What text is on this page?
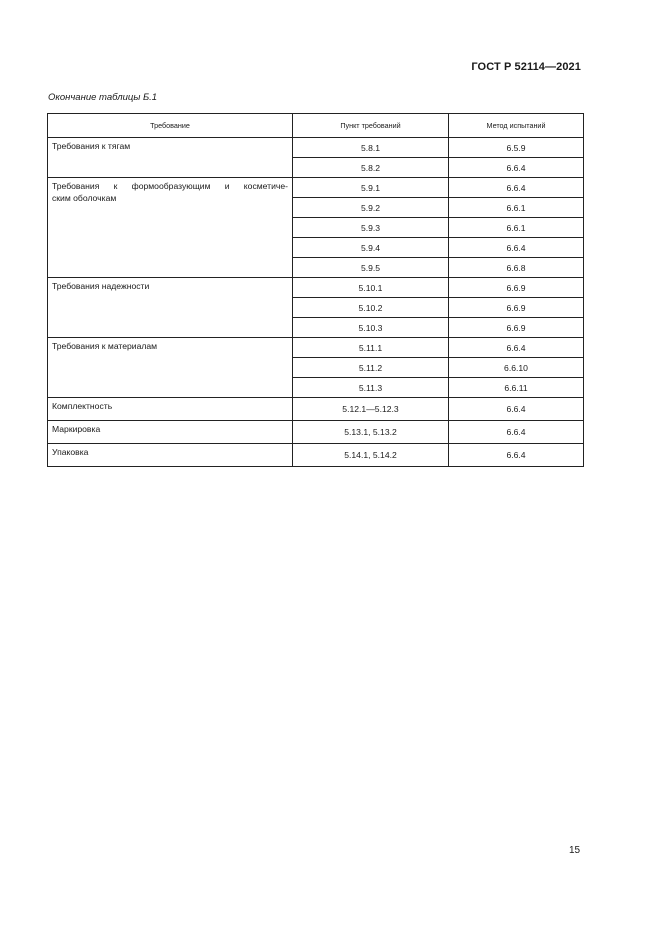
ГОСТ Р 52114—2021
Окончание таблицы Б.1
Требование	Пункт требований	Метод испытаний
Требования к тягам	5.8.1	6.5.9
	5.8.2	6.6.4
Требования к формообразующим и косметиче-
ским оболочкам	5.9.1	6.6.4
	5.9.2	6.6.1
	5.9.3	6.6.1
	5.9.4	6.6.4
	5.9.5	6.6.8
Требования надежности	5.10.1	6.6.9
	5.10.2	6.6.9
	5.10.3	6.6.9
Требования к материалам	5.11.1	6.6.4
	5.11.2	6.6.10
	5.11.3	6.6.11
Комплектность	5.12.1—5.12.3	6.6.4
Маркировка	5.13.1, 5.13.2	6.6.4
Упаковка	5.14.1, 5.14.2	6.6.4
15
